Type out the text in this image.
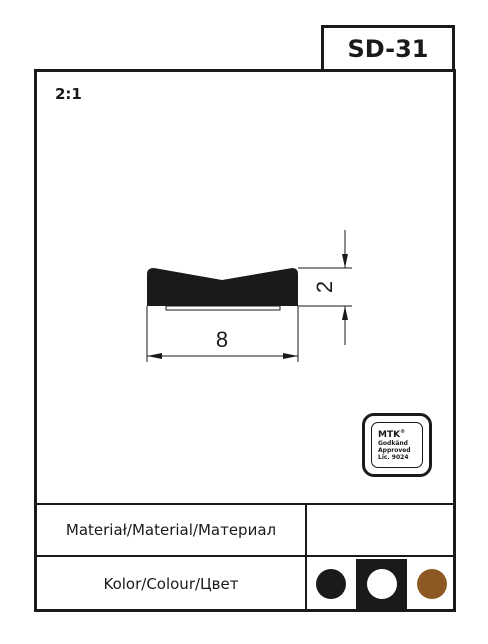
SD-31
2:1
8
2
MTK®
Godkänd
Approved
Lic. 9024
Materiał/Material/Материал
Kolor/Colour/Цвет
